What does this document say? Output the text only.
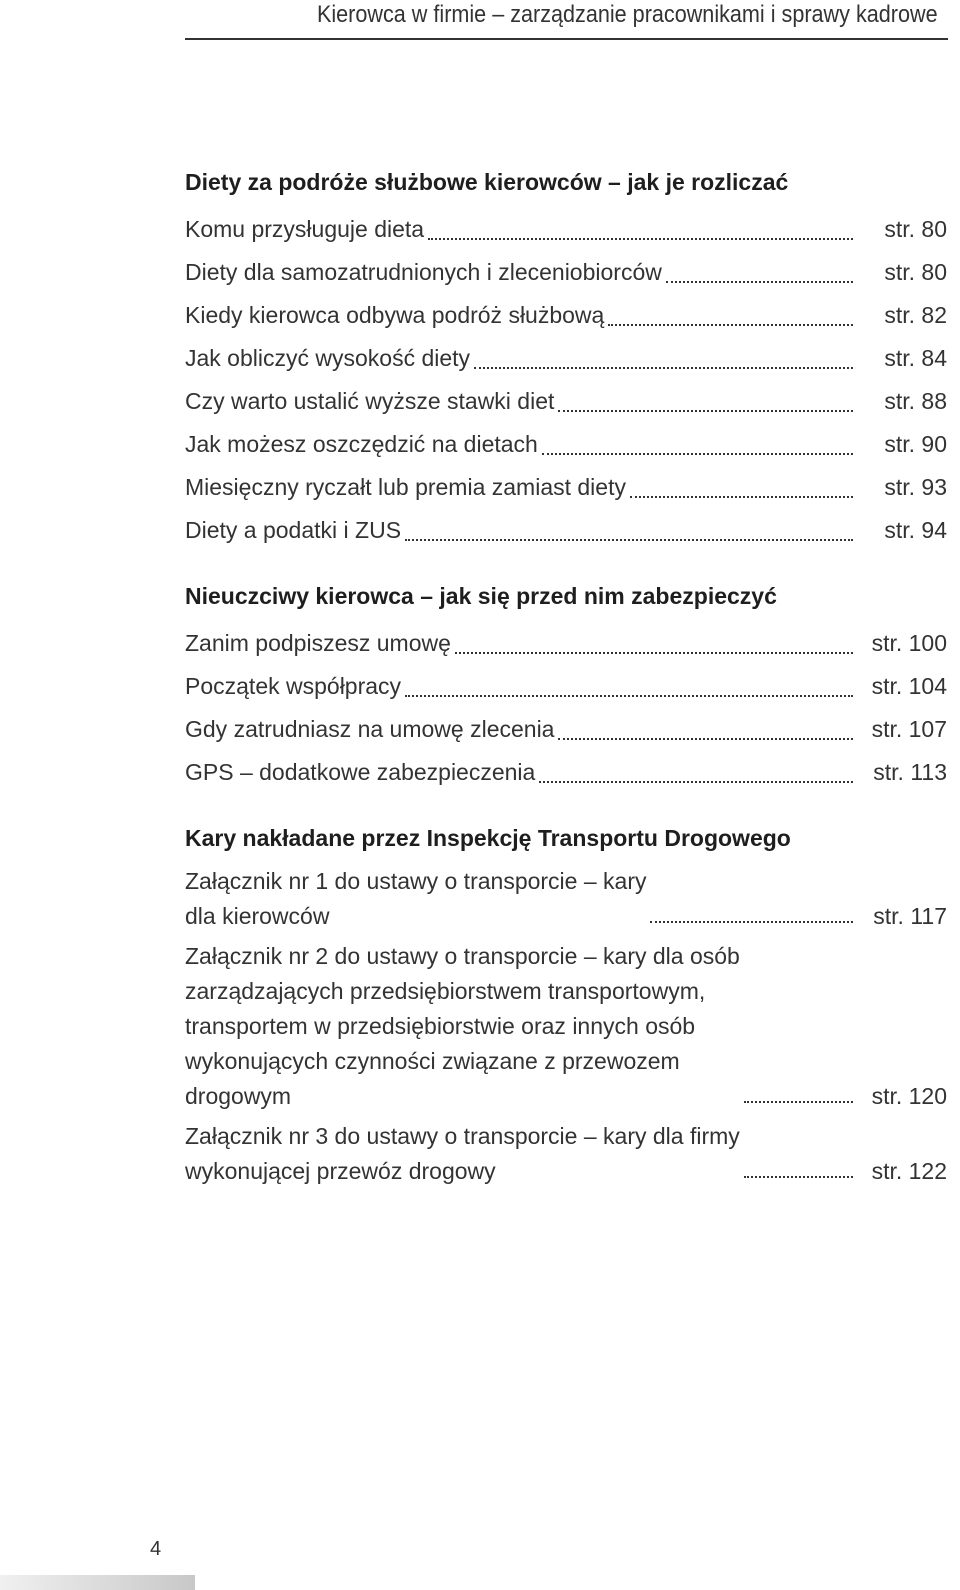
Kierowca w firmie – zarządzanie pracownikami i sprawy kadrowe
Diety za podróże służbowe kierowców – jak je rozliczać
Komu przysługuje dieta	str. 80
Diety dla samozatrudnionych i zleceniobiorców	str. 80
Kiedy kierowca odbywa podróż służbową	str. 82
Jak obliczyć wysokość diety	str. 84
Czy warto ustalić wyższe stawki diet	str. 88
Jak możesz oszczędzić na dietach	str. 90
Miesięczny ryczałt lub premia zamiast diety	str. 93
Diety a podatki i ZUS	str. 94
Nieuczciwy kierowca – jak się przed nim zabezpieczyć
Zanim podpiszesz umowę	str. 100
Początek współpracy	str. 104
Gdy zatrudniasz na umowę zlecenia	str. 107
GPS – dodatkowe zabezpieczenia	str. 113
Kary nakładane przez Inspekcję Transportu Drogowego
Załącznik nr 1 do ustawy o transporcie – kary
dla kierowców	str. 117
Załącznik nr 2 do ustawy o transporcie – kary dla osób
zarządzających przedsiębiorstwem transportowym,
transportem w przedsiębiorstwie oraz innych osób
wykonujących czynności związane z przewozem
drogowym	str. 120
Załącznik nr 3 do ustawy o transporcie – kary dla firmy
wykonującej przewóz drogowy	str. 122
4
